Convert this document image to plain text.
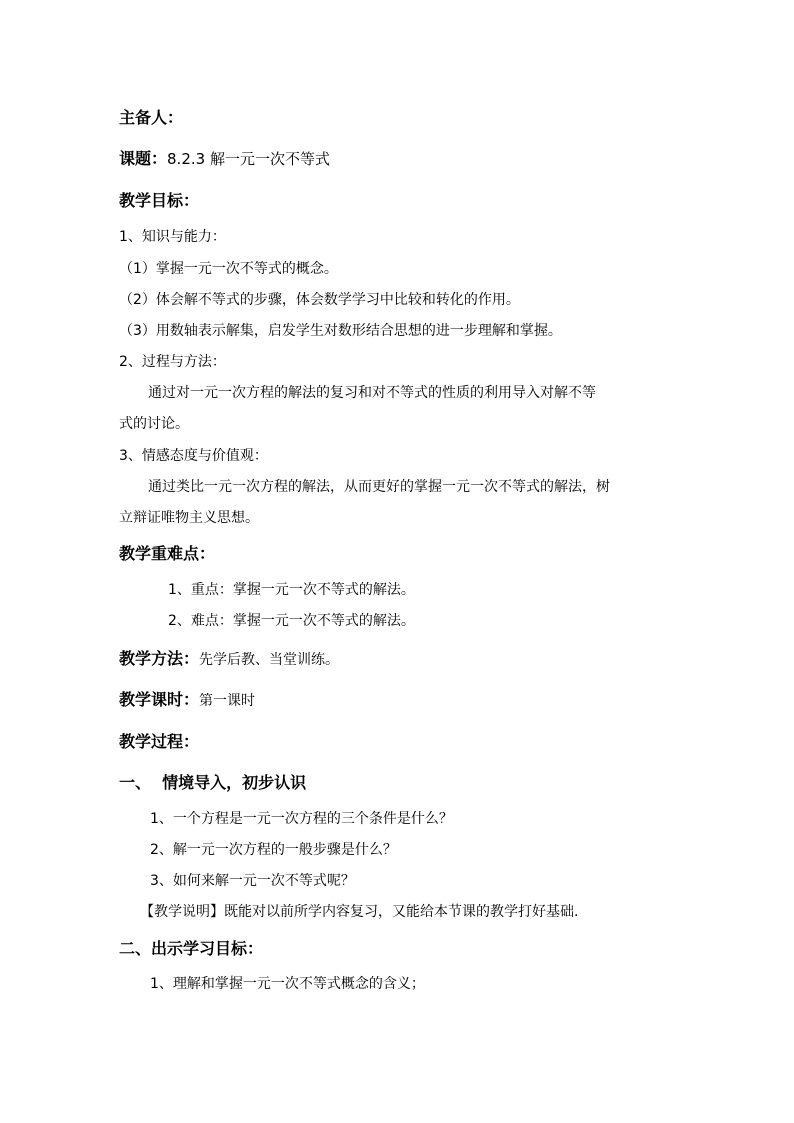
主备人：
课题：8.2.3 解一元一次不等式
教学目标：
1、知识与能力：
（1）掌握一元一次不等式的概念。
（2）体会解不等式的步骤，体会数学学习中比较和转化的作用。
（3）用数轴表示解集，启发学生对数形结合思想的进一步理解和掌握。
2、过程与方法：
通过对一元一次方程的解法的复习和对不等式的性质的利用导入对解不等
式的讨论。
3、情感态度与价值观：
通过类比一元一次方程的解法，从而更好的掌握一元一次不等式的解法，树
立辩证唯物主义思想。
教学重难点：
1、重点：掌握一元一次不等式的解法。
2、难点：掌握一元一次不等式的解法。
教学方法：先学后教、当堂训练。
教学课时：第一课时
教学过程：
一、  情境导入，初步认识
1、一个方程是一元一次方程的三个条件是什么？
2、解一元一次方程的一般步骤是什么？
3、如何来解一元一次不等式呢？
【教学说明】既能对以前所学内容复习，又能给本节课的教学打好基础.
二、出示学习目标：
1、理解和掌握一元一次不等式概念的含义；
